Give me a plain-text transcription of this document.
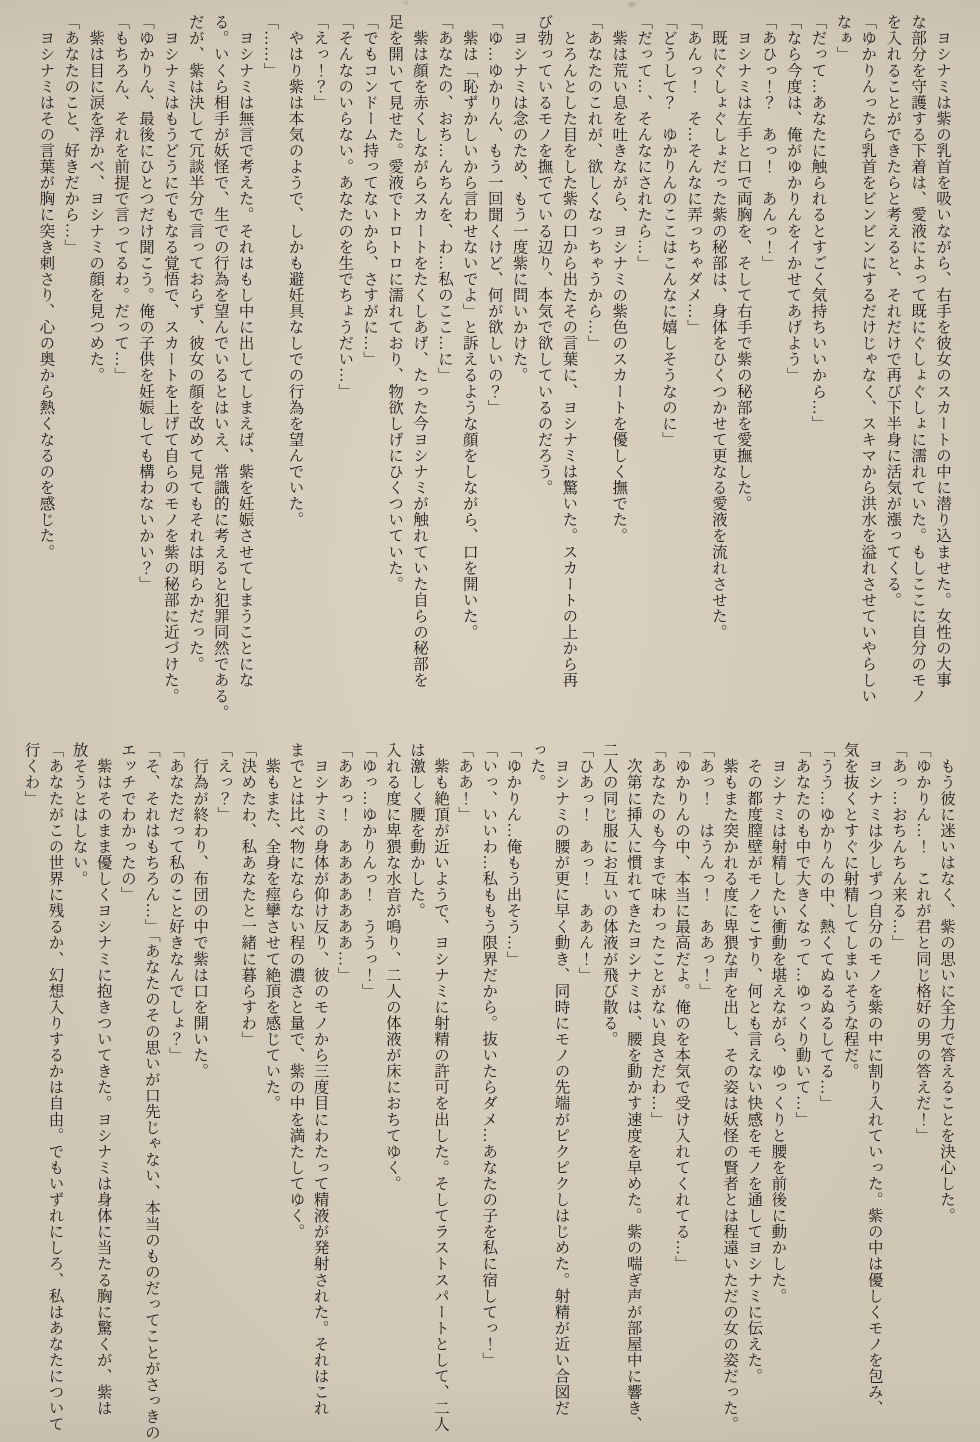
　ヨシナミは紫の乳首を吸いながら、右手を彼女のスカートの中に潜り込ませた。女性の大事

な部分を守護する下着は、愛液によって既にぐしょぐしょに濡れていた。もしここに自分のモノ

を入れることができたらと考えると、それだけで再び下半身に活気が漲ってくる。

「ゆかりんったら乳首をビンビンにするだけじゃなく、スキマから洪水を溢れさせていやらしい

なぁ」

「だって…あなたに触られるとすごく気持ちいいから…」

「なら今度は、俺がゆかりんをイかせてあげよう」

「あひっ！？　あっ！　あんっ！」

　ヨシナミは左手と口で両胸を、そして右手で紫の秘部を愛撫した。

　既にぐしょぐしょだった紫の秘部は、身体をひくつかせて更なる愛液を流れさせた。

「あんっ！　そ…そんなに弄っちゃダメ…」

「どうして？　ゆかりんのここはこんなに嬉しそうなのに」

「だって…、そんなにされたら…」

　紫は荒い息を吐きながら、ヨシナミの紫色のスカートを優しく撫でた。

「あなたのこれが、欲しくなっちゃうから…」

　とろんとした目をした紫の口から出たその言葉に、ヨシナミは驚いた。スカートの上から再

び勃っているモノを撫でている辺り、本気で欲しているのだろう。

　ヨシナミは念のため、もう一度紫に問いかけた。

「ゆ…ゆかりん、もう一回聞くけど、何が欲しいの？」

　紫は「恥ずかしいから言わせないでよ」と訴えるような顔をしながら、口を開いた。

「あなたの、おち…んちんを、わ…私のここ…に」

　紫は顔を赤くしながらスカートをたくしあげ、たった今ヨシナミが触れていた自らの秘部を

足を開いて見せた。愛液でトロトロに濡れており、物欲しげにひくついていた。

「でもコンドーム持ってないから、さすがに…」

「そんなのいらない。あなたのを生でちょうだい…」

「えっ！？」

　やはり紫は本気のようで、しかも避妊具なしでの行為を望んでいた。

「……」

　ヨシナミは無言で考えた。それはもし中に出してしまえば、紫を妊娠させてしまうことにな

る。いくら相手が妖怪で、生での行為を望んでいるとはいえ、常識的に考えると犯罪同然である。

だが、紫は決して冗談半分で言っておらず、彼女の顔を改めて見てもそれは明らかだった。

　ヨシナミはもうどうにでもなる覚悟で、スカートを上げて自らのモノを紫の秘部に近づけた。

「ゆかりん、最後にひとつだけ聞こう。俺の子供を妊娠しても構わないかい？」

「もちろん、それを前提で言ってるわ。だって…」

　紫は目に涙を浮かべ、ヨシナミの顔を見つめた。

「あなたのこと、好きだから…」

　ヨシナミはその言葉が胸に突き刺さり、心の奥から熱くなるのを感じた。

　もう彼に迷いはなく、紫の思いに全力で答えることを決心した。

「ゆかりん…！　これが君と同じ格好の男の答えだ！」

「あっ…おちんちん来る…」

　ヨシナミは少しずつ自分のモノを紫の中に割り入れていった。紫の中は優しくモノを包み、

気を抜くとすぐに射精してしまいそうな程だ。

「うう…ゆかりんの中、熱くてぬるぬるしてる…」

「あなたのも中で大きくなって…ゆっくり動いて…」

　ヨシナミは射精したい衝動を堪えながら、ゆっくりと腰を前後に動かした。

　その都度膣壁がモノをこすり、何とも言えない快感をモノを通してヨシナミに伝えた。

　紫もまた突かれる度に卑猥な声を出し、その姿は妖怪の賢者とは程遠いただの女の姿だった。

「あっ！　はうんっ！　ああっ！」

「ゆかりんの中、本当に最高だよ。俺のを本気で受け入れてくれてる…」

「あなたのも今まで味わったことがない良さだわ…」

　次第に挿入に慣れてきたヨシナミは、腰を動かす速度を早めた。紫の喘ぎ声が部屋中に響き、

二人の同じ服にお互いの体液が飛び散る。

「ひあっ！　あっ！　ああん！」

　ヨシナミの腰が更に早く動き、同時にモノの先端がピクピクしはじめた。射精が近い合図だ

った。

「ゆかりん…俺もう出そう…」

「いっ、いいわ…私ももう限界だから。抜いたらダメ…あなたの子を私に宿してっ！」

「ああ！」

　紫も絶頂が近いようで、ヨシナミに射精の許可を出した。そしてラストスパートとして、二人

は激しく腰を動かした。

入れる度に卑猥な水音が鳴り、二人の体液が床におちてゆく。

「ゆっ…ゆかりんっ！　ううっ！」

「ああっ！　あああああああ…」

　ヨシナミの身体が仰け反り、彼のモノから三度目にわたって精液が発射された。それはこれ

までとは比べ物にならない程の濃さと量で、紫の中を満たしてゆく。

　紫もまた、全身を痙攣させて絶頂を感じていた。

「決めたわ、私あなたと一緒に暮らすわ」

「えっ？」

　行為が終わり、布団の中で紫は口を開いた。

「あなただって私のこと好きなんでしょ？」

「そ、それはもちろん…」「あなたのその思いが口先じゃない、本当のものだってことがさっきの

エッチでわかったの」

　紫はそのまま優しくヨシナミに抱きついてきた。ヨシナミは身体に当たる胸に驚くが、紫は

放そうとはしない。

「あなたがこの世界に残るか、幻想入りするかは自由。でもいずれにしろ、私はあなたについて

行くわ」
